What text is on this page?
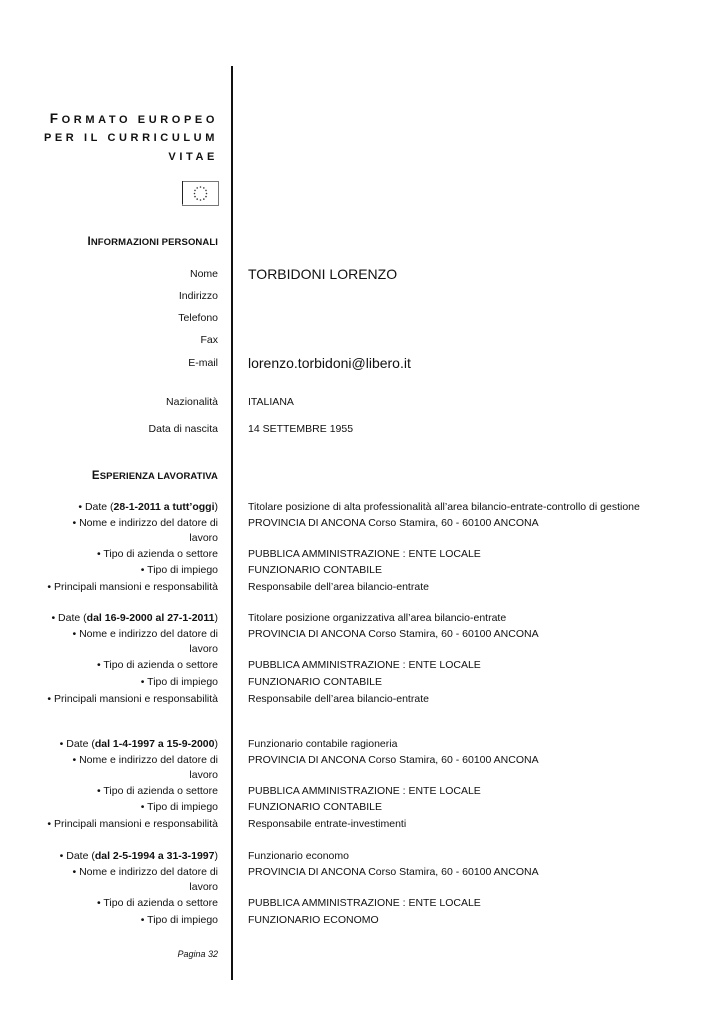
FORMATO EUROPEO
PER IL CURRICULUM
VITAE
INFORMAZIONI PERSONALI
Nome TORBIDONI LORENZO
Indirizzo
Telefono
Fax
E-mail lorenzo.torbidoni@libero.it
Nazionalità	ITALIANA
Data di nascita	14 SETTEMBRE 1955
ESPERIENZA LAVORATIVA
• Date (28-1-2011 a tutt’oggi)	Titolare posizione di alta professionalità all’area bilancio-entrate-controllo di gestione
• Nome e indirizzo del datore di	PROVINCIA DI ANCONA Corso Stamira, 60 - 60100 ANCONA
lavoro
• Tipo di azienda o settore	PUBBLICA AMMINISTRAZIONE : ENTE LOCALE
• Tipo di impiego	FUNZIONARIO CONTABILE
• Principali mansioni e responsabilità	Responsabile dell’area bilancio-entrate
• Date (dal 16-9-2000 al 27-1-2011)	Titolare posizione organizzativa all’area bilancio-entrate
• Nome e indirizzo del datore di	PROVINCIA DI ANCONA Corso Stamira, 60 - 60100 ANCONA
lavoro
• Tipo di azienda o settore	PUBBLICA AMMINISTRAZIONE : ENTE LOCALE
• Tipo di impiego	FUNZIONARIO CONTABILE
• Principali mansioni e responsabilità	Responsabile dell’area bilancio-entrate
• Date (dal 1-4-1997 a 15-9-2000)	Funzionario contabile ragioneria
• Nome e indirizzo del datore di	PROVINCIA DI ANCONA Corso Stamira, 60 - 60100 ANCONA
lavoro
• Tipo di azienda o settore	PUBBLICA AMMINISTRAZIONE : ENTE LOCALE
• Tipo di impiego	FUNZIONARIO CONTABILE
• Principali mansioni e responsabilità	Responsabile entrate-investimenti
• Date (dal 2-5-1994 a 31-3-1997)	Funzionario economo
• Nome e indirizzo del datore di	PROVINCIA DI ANCONA Corso Stamira, 60 - 60100 ANCONA
lavoro
• Tipo di azienda o settore	PUBBLICA AMMINISTRAZIONE : ENTE LOCALE
• Tipo di impiego	FUNZIONARIO ECONOMO
Pagina 32
